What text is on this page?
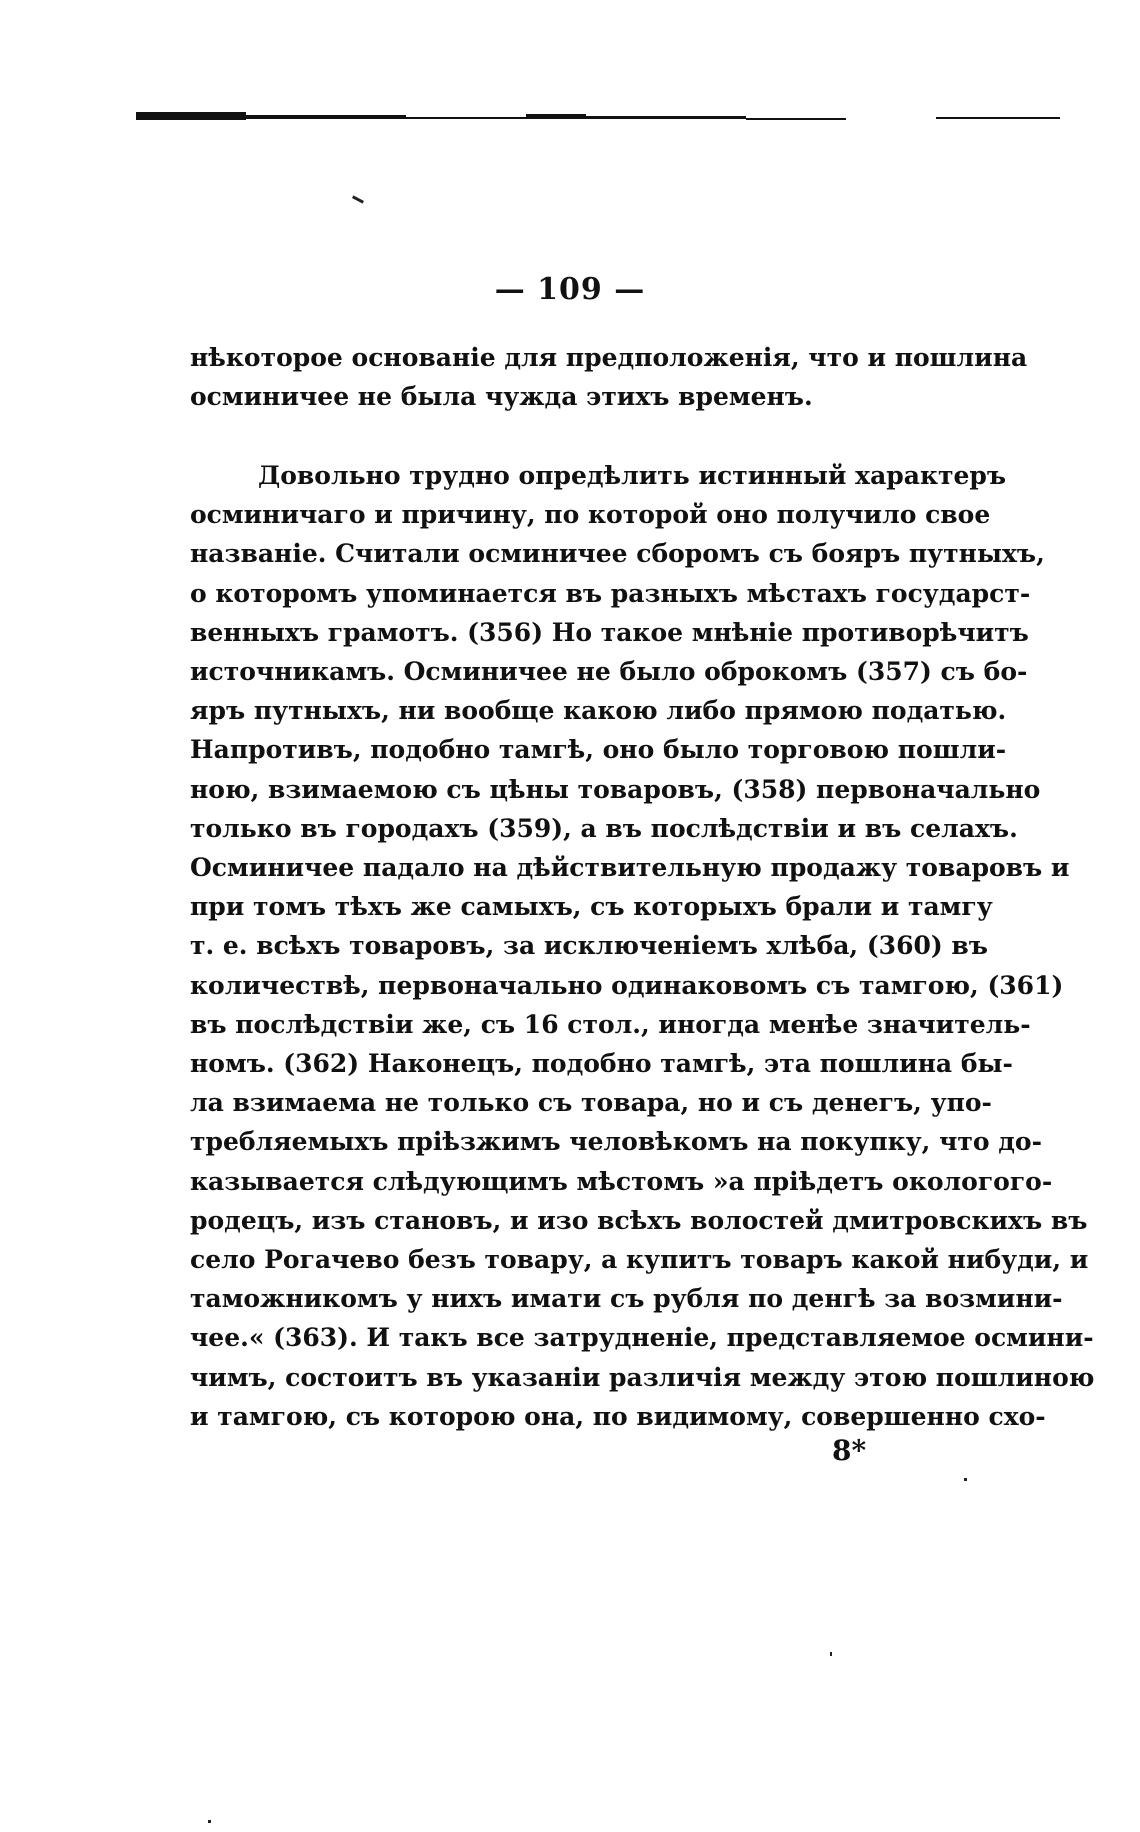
— 109 —
нѣкоторое основаніе для предположенія, что и пошлина
осминичее не была чужда этихъ временъ.
Довольно трудно опредѣлить истинный характеръ
осминичаго и причину, по которой оно получило свое
названіе. Считали осминичее сборомъ съ бояръ путныхъ,
о которомъ упоминается въ разныхъ мѣстахъ государст-
венныхъ грамотъ. (356) Но такое мнѣніе противорѣчитъ
источникамъ. Осминичее не было оброкомъ (357) съ бо-
яръ путныхъ, ни вообще какою либо прямою податью.
Напротивъ, подобно тамгѣ, оно было торговою пошли-
ною, взимаемою съ цѣны товаровъ, (358) первоначально
только въ городахъ (359), а въ послѣдствіи и въ селахъ.
Осминичее падало на дѣйствительную продажу товаровъ и
при томъ тѣхъ же самыхъ, съ которыхъ брали и тамгу
т. е. всѣхъ товаровъ, за исключеніемъ хлѣба, (360) въ
количествѣ, первоначально одинаковомъ съ тамгою, (361)
въ послѣдствіи же, съ 16 стол., иногда менѣе значитель-
номъ. (362) Наконецъ, подобно тамгѣ, эта пошлина бы-
ла взимаема не только съ товара, но и съ денегъ, упо-
требляемыхъ пріѣзжимъ человѣкомъ на покупку, что до-
казывается слѣдующимъ мѣстомъ »а пріѣдетъ окологого-
родецъ, изъ становъ, и изо всѣхъ волостей дмитровскихъ въ
село Рогачево безъ товару, а купитъ товаръ какой нибуди, и
таможникомъ у нихъ имати съ рубля по денгѣ за возмини-
чее.« (363). И такъ все затрудненіе, представляемое осмини-
чимъ, состоитъ въ указаніи различія между этою пошлиною
и тамгою, съ которою она, по видимому, совершенно схо-
8*
